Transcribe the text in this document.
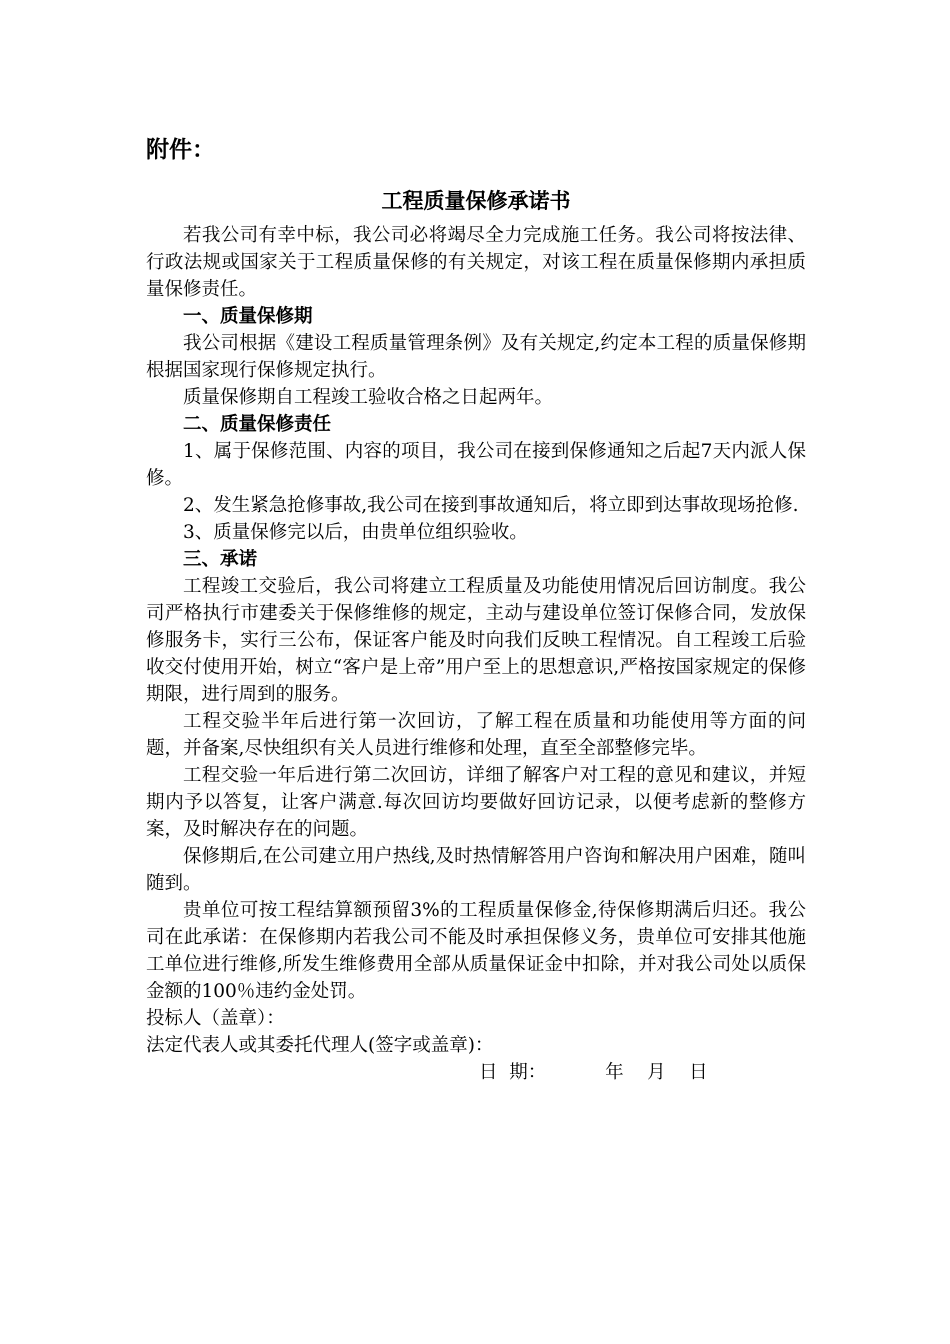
附件：
工程质量保修承诺书

若我公司有幸中标，我公司必将竭尽全力完成施工任务。我公司将按法律、行政法规或国家关于工程质量保修的有关规定，对该工程在质量保修期内承担质量保修责任。

一、质量保修期

我公司根据《建设工程质量管理条例》及有关规定,约定本工程的质量保修期根据国家现行保修规定执行。

质量保修期自工程竣工验收合格之日起两年。

二、质量保修责任

1、属于保修范围、内容的项目，我公司在接到保修通知之后起7天内派人保修。

2、发生紧急抢修事故,我公司在接到事故通知后，将立即到达事故现场抢修.

3、质量保修完以后，由贵单位组织验收。

三、承诺

工程竣工交验后，我公司将建立工程质量及功能使用情况后回访制度。我公司严格执行市建委关于保修维修的规定，主动与建设单位签订保修合同，发放保修服务卡，实行三公布，保证客户能及时向我们反映工程情况。自工程竣工后验收交付使用开始，树立“客户是上帝”用户至上的思想意识,严格按国家规定的保修期限，进行周到的服务。

工程交验半年后进行第一次回访，了解工程在质量和功能使用等方面的问题，并备案,尽快组织有关人员进行维修和处理，直至全部整修完毕。

工程交验一年后进行第二次回访，详细了解客户对工程的意见和建议，并短期内予以答复，让客户满意.每次回访均要做好回访记录，以便考虑新的整修方案，及时解决存在的问题。

保修期后,在公司建立用户热线,及时热情解答用户咨询和解决用户困难，随叫随到。

贵单位可按工程结算额预留3%的工程质量保修金,待保修期满后归还。我公司在此承诺：在保修期内若我公司不能及时承担保修义务，贵单位可安排其他施工单位进行维修,所发生维修费用全部从质量保证金中扣除，并对我公司处以质保金额的100％违约金处罚。

投标人（盖章）：

法定代表人或其委托代理人(签字或盖章)：

日  期：          年    月    日
